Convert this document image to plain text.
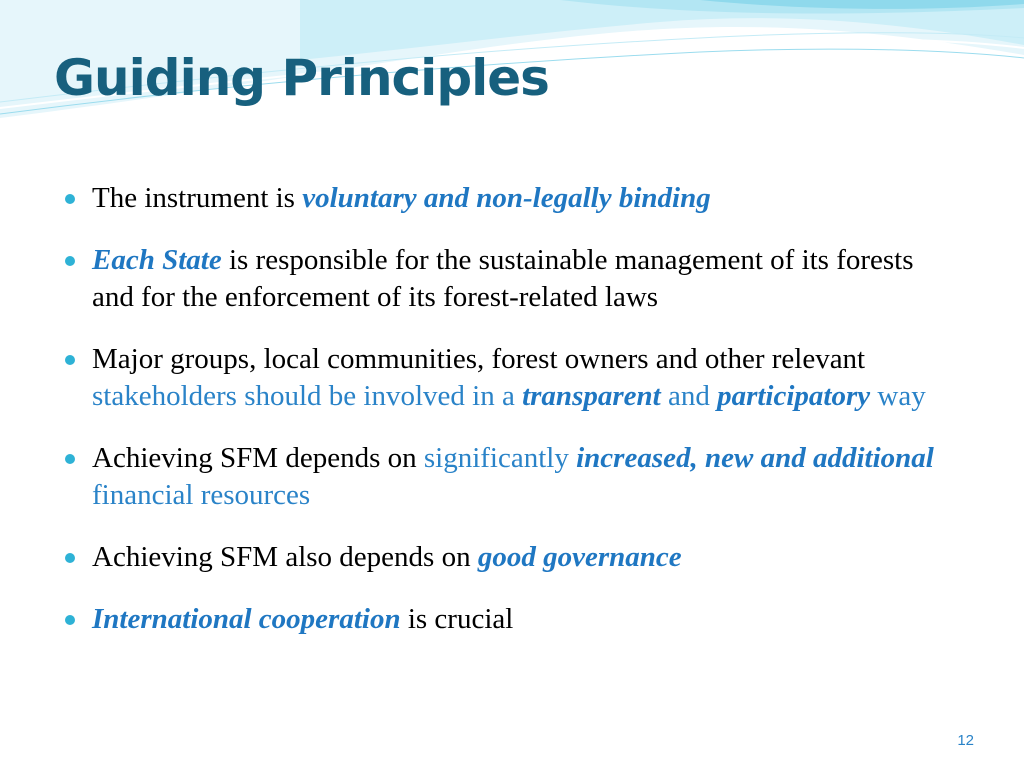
Guiding Principles
The instrument is voluntary and non-legally binding
Each State is responsible for the sustainable management of its forests and for the enforcement of its forest-related laws
Major groups, local communities, forest owners and other relevant stakeholders should be involved in a transparent and participatory way
Achieving SFM depends on significantly increased, new and additional financial resources
Achieving SFM also depends on good governance
International cooperation is crucial
12
